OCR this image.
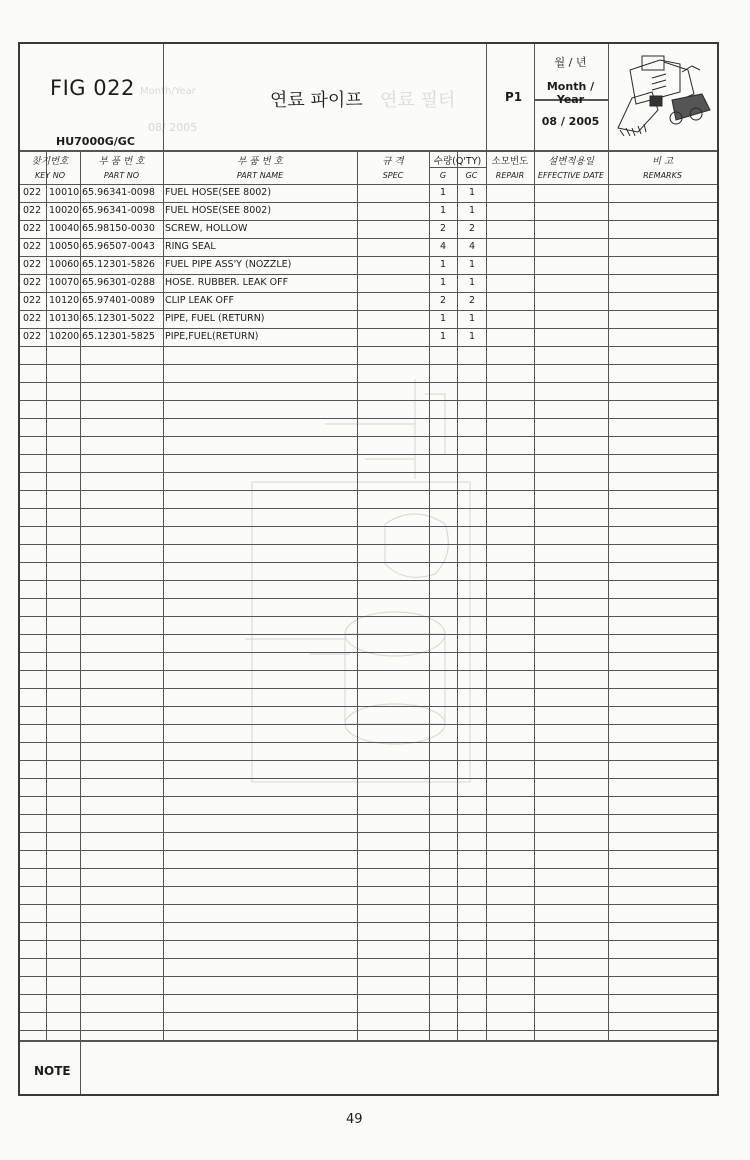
연료 필터
Month/Year
08/ 2005
FIG 022
HU7000G/GC
연료 파이프	P1
월 / 년
Month / Year
08 / 2005
찾기번호
KEY NO
부 품 번 호
PART NO
부 품 번 호
PART NAME
규 격
SPEC
수량(Q'TY)
G	GC
소모번도
REPAIR
설변적용일
EFFECTIVE DATE
비 고
REMARKS
022 10010 65.96341-0098 FUEL HOSE(SEE 8002)	1 1
022 10020 65.96341-0098 FUEL HOSE(SEE 8002)	1 1
022 10040 65.98150-0030 SCREW, HOLLOW	2 2
022 10050 65.96507-0043 RING SEAL	4 4
022 10060 65.12301-5826 FUEL PIPE ASS'Y (NOZZLE)	1 1
022 10070 65.96301-0288 HOSE. RUBBER. LEAK OFF	1 1
022 10120 65.97401-0089 CLIP LEAK OFF	2 2
022 10130 65.12301-5022 PIPE, FUEL (RETURN)	1 1
022 10200 65.12301-5825 PIPE,FUEL(RETURN)	1 1
NOTE
49
